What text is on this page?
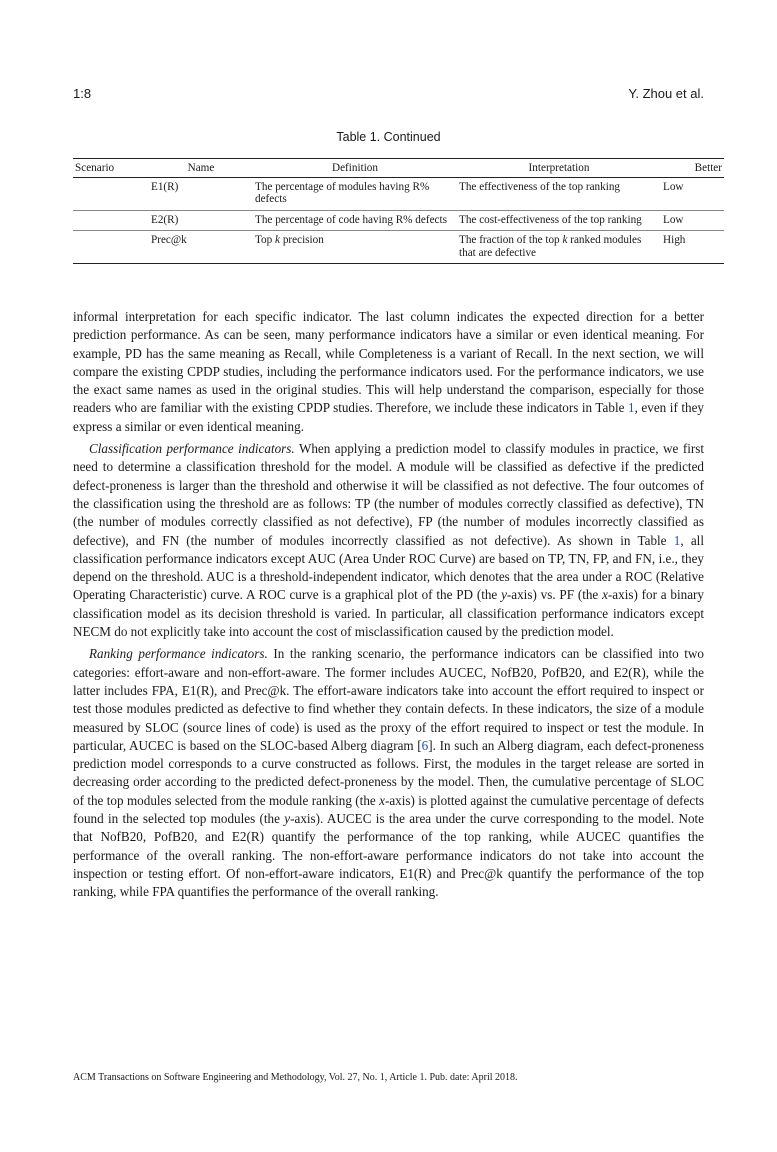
1:8	Y. Zhou et al.
Table 1. Continued
Scenario	Name	Definition	Interpretation	Better
	E1(R)	The percentage of modules having R% defects	The effectiveness of the top ranking	Low
	E2(R)	The percentage of code having R% defects	The cost-effectiveness of the top ranking	Low
	Prec@k	Top k precision	The fraction of the top k ranked modules that are defective	High

informal interpretation for each specific indicator. The last column indicates the expected direction for a better prediction performance. As can be seen, many performance indicators have a similar or even identical meaning. For example, PD has the same meaning as Recall, while Completeness is a variant of Recall. In the next section, we will compare the existing CPDP studies, including the performance indicators used. For the performance indicators, we use the exact same names as used in the original studies. This will help understand the comparison, especially for those readers who are familiar with the existing CPDP studies. Therefore, we include these indicators in Table 1, even if they express a similar or even identical meaning.

Classification performance indicators. When applying a prediction model to classify modules in practice, we first need to determine a classification threshold for the model. A module will be classified as defective if the predicted defect-proneness is larger than the threshold and otherwise it will be classified as not defective. The four outcomes of the classification using the threshold are as follows: TP (the number of modules correctly classified as defective), TN (the number of modules correctly classified as not defective), FP (the number of modules incorrectly classified as defective), and FN (the number of modules incorrectly classified as not defective). As shown in Table 1, all classification performance indicators except AUC (Area Under ROC Curve) are based on TP, TN, FP, and FN, i.e., they depend on the threshold. AUC is a threshold-independent indicator, which denotes that the area under a ROC (Relative Operating Characteristic) curve. A ROC curve is a graphical plot of the PD (the y-axis) vs. PF (the x-axis) for a binary classification model as its decision threshold is varied. In particular, all classification performance indicators except NECM do not explicitly take into account the cost of misclassification caused by the prediction model.

Ranking performance indicators. In the ranking scenario, the performance indicators can be classified into two categories: effort-aware and non-effort-aware. The former includes AUCEC, NofB20, PofB20, and E2(R), while the latter includes FPA, E1(R), and Prec@k. The effort-aware indicators take into account the effort required to inspect or test those modules predicted as defective to find whether they contain defects. In these indicators, the size of a module measured by SLOC (source lines of code) is used as the proxy of the effort required to inspect or test the module. In particular, AUCEC is based on the SLOC-based Alberg diagram [6]. In such an Alberg diagram, each defect-proneness prediction model corresponds to a curve constructed as follows. First, the modules in the target release are sorted in decreasing order according to the predicted defect-proneness by the model. Then, the cumulative percentage of SLOC of the top modules selected from the module ranking (the x-axis) is plotted against the cumulative percentage of defects found in the selected top modules (the y-axis). AUCEC is the area under the curve corresponding to the model. Note that NofB20, PofB20, and E2(R) quantify the performance of the top ranking, while AUCEC quantifies the performance of the overall ranking. The non-effort-aware performance indicators do not take into account the inspection or testing effort. Of non-effort-aware indicators, E1(R) and Prec@k quantify the performance of the top ranking, while FPA quantifies the performance of the overall ranking.

ACM Transactions on Software Engineering and Methodology, Vol. 27, No. 1, Article 1. Pub. date: April 2018.
